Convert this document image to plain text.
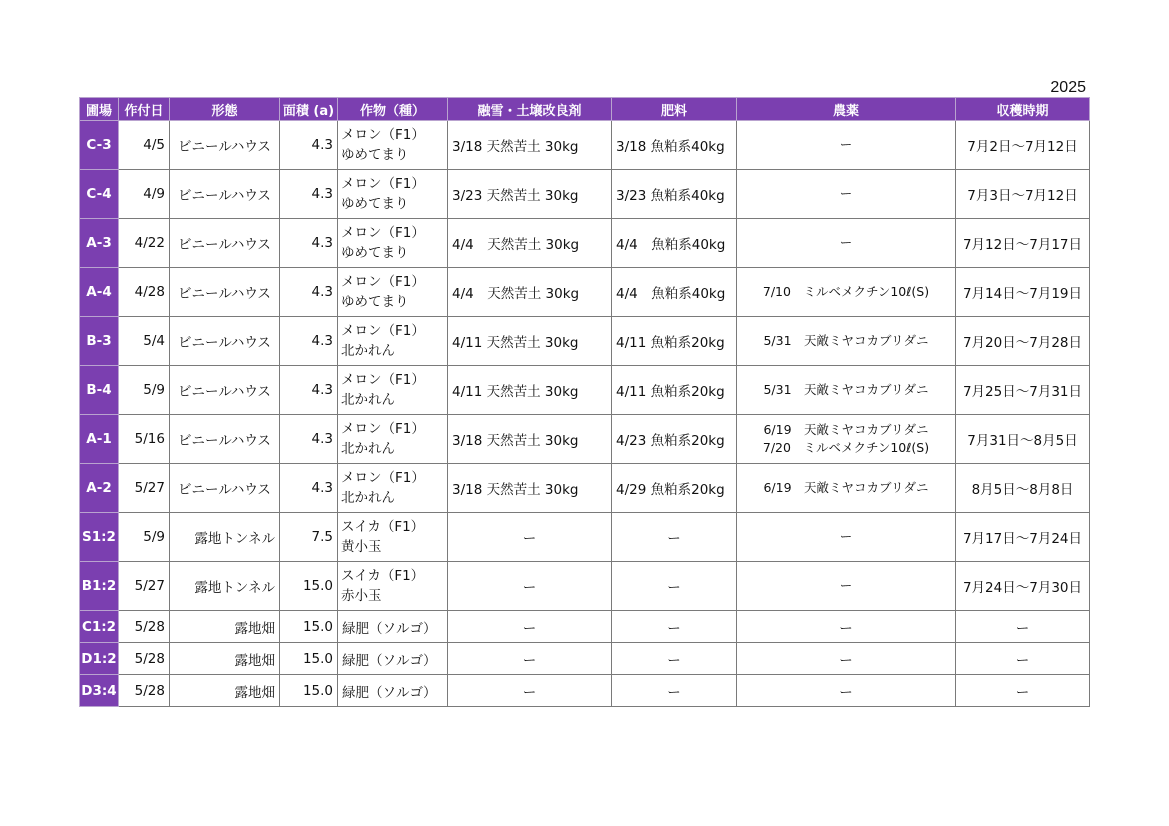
2025
圃場	作付日	形態	面積 (a)	作物（種）	融雪・土壌改良剤	肥料	農薬	収穫時期
C-3	4/5	ビニールハウス	4.3	メロン（F1）
ゆめてまり	3/18 天然苦土 30kg	3/18 魚粕系40kg	ー	7月2日〜7月12日
C-4	4/9	ビニールハウス	4.3	メロン（F1）
ゆめてまり	3/23 天然苦土 30kg	3/23 魚粕系40kg	ー	7月3日〜7月12日
A-3	4/22	ビニールハウス	4.3	メロン（F1）
ゆめてまり	4/4　天然苦土 30kg	4/4　魚粕系40kg	ー	7月12日〜7月17日
A-4	4/28	ビニールハウス	4.3	メロン（F1）
ゆめてまり	4/4　天然苦土 30kg	4/4　魚粕系40kg	7/10　ミルベメクチン10ℓ(S)	7月14日〜7月19日
B-3	5/4	ビニールハウス	4.3	メロン（F1）
北かれん	4/11 天然苦土 30kg	4/11 魚粕系20kg	5/31　天敵ミヤコカブリダニ	7月20日〜7月28日
B-4	5/9	ビニールハウス	4.3	メロン（F1）
北かれん	4/11 天然苦土 30kg	4/11 魚粕系20kg	5/31　天敵ミヤコカブリダニ	7月25日〜7月31日
A-1	5/16	ビニールハウス	4.3	メロン（F1）
北かれん	3/18 天然苦土 30kg	4/23 魚粕系20kg	6/19　天敵ミヤコカブリダニ
7/20　ミルベメクチン10ℓ(S)	7月31日〜8月5日
A-2	5/27	ビニールハウス	4.3	メロン（F1）
北かれん	3/18 天然苦土 30kg	4/29 魚粕系20kg	6/19　天敵ミヤコカブリダニ	8月5日〜8月8日
S1:2	5/9	露地トンネル	7.5	スイカ（F1）
黄小玉	ー	ー	ー	7月17日〜7月24日
B1:2	5/27	露地トンネル	15.0	スイカ（F1）
赤小玉	ー	ー	ー	7月24日〜7月30日
C1:2	5/28	露地畑	15.0	緑肥（ソルゴ）	ー	ー	ー	ー
D1:2	5/28	露地畑	15.0	緑肥（ソルゴ）	ー	ー	ー	ー
D3:4	5/28	露地畑	15.0	緑肥（ソルゴ）	ー	ー	ー	ー
